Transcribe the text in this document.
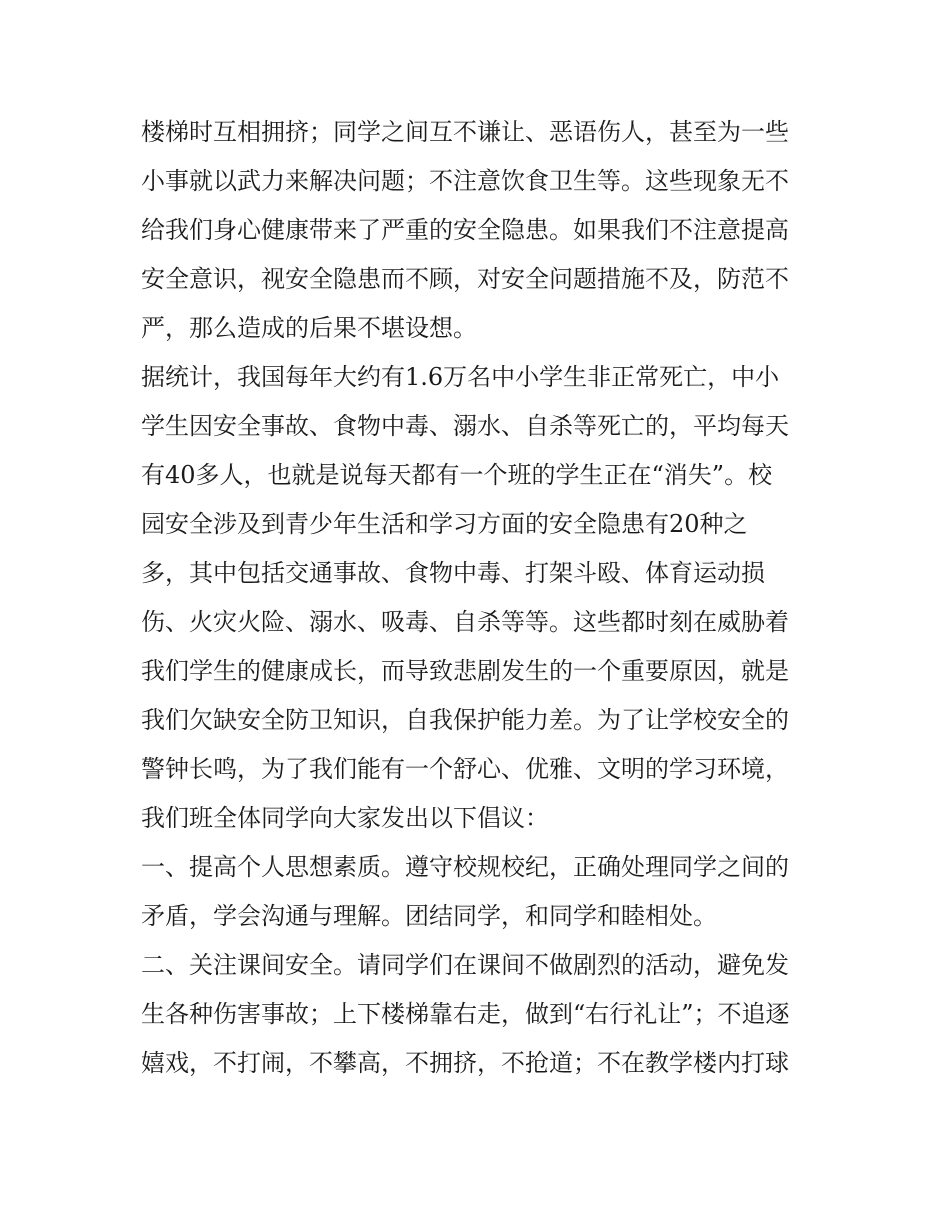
楼梯时互相拥挤；同学之间互不谦让、恶语伤人，甚至为一些
小事就以武力来解决问题；不注意饮食卫生等。这些现象无不
给我们身心健康带来了严重的安全隐患。如果我们不注意提高
安全意识，视安全隐患而不顾，对安全问题措施不及，防范不
严，那么造成的后果不堪设想。
据统计，我国每年大约有1.6万名中小学生非正常死亡，中小
学生因安全事故、食物中毒、溺水、自杀等死亡的，平均每天
有40多人，也就是说每天都有一个班的学生正在“消失”。校
园安全涉及到青少年生活和学习方面的安全隐患有20种之
多，其中包括交通事故、食物中毒、打架斗殴、体育运动损
伤、火灾火险、溺水、吸毒、自杀等等。这些都时刻在威胁着
我们学生的健康成长，而导致悲剧发生的一个重要原因，就是
我们欠缺安全防卫知识，自我保护能力差。为了让学校安全的
警钟长鸣，为了我们能有一个舒心、优雅、文明的学习环境，
我们班全体同学向大家发出以下倡议：
一、提高个人思想素质。遵守校规校纪，正确处理同学之间的
矛盾，学会沟通与理解。团结同学，和同学和睦相处。
二、关注课间安全。请同学们在课间不做剧烈的活动，避免发
生各种伤害事故；上下楼梯靠右走，做到“右行礼让”；不追逐
嬉戏，不打闹，不攀高，不拥挤，不抢道；不在教学楼内打球
